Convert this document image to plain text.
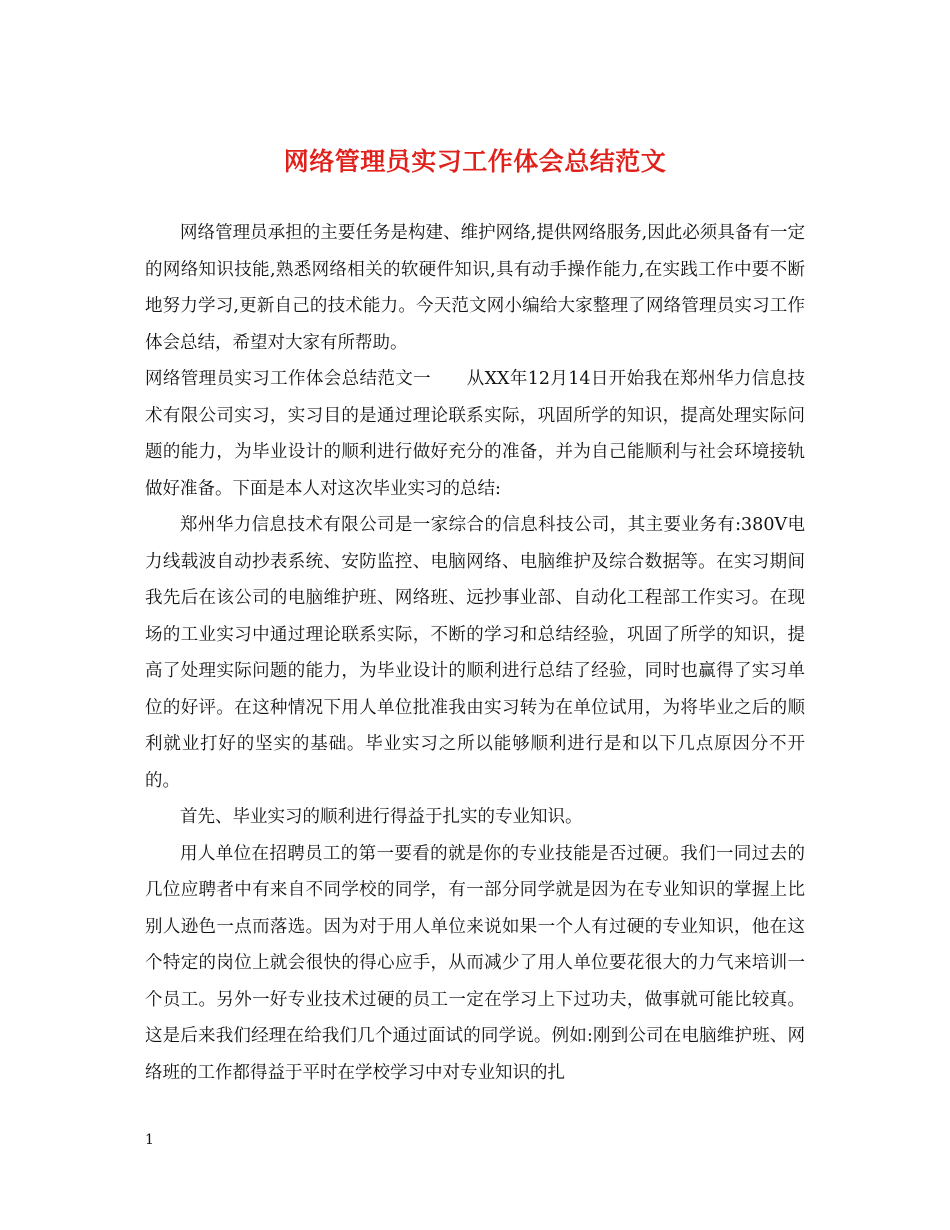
网络管理员实习工作体会总结范文

网络管理员承担的主要任务是构建、维护网络,提供网络服务,因此必须具备有一定的网络知识技能,熟悉网络相关的软硬件知识,具有动手操作能力,在实践工作中要不断地努力学习,更新自己的技术能力。今天范文网小编给大家整理了网络管理员实习工作体会总结，希望对大家有所帮助。

网络管理员实习工作体会总结范文一　　从XX年12月14日开始我在郑州华力信息技术有限公司实习，实习目的是通过理论联系实际，巩固所学的知识，提高处理实际问题的能力，为毕业设计的顺利进行做好充分的准备，并为自己能顺利与社会环境接轨做好准备。下面是本人对这次毕业实习的总结:

郑州华力信息技术有限公司是一家综合的信息科技公司，其主要业务有:380V电力线载波自动抄表系统、安防监控、电脑网络、电脑维护及综合数据等。在实习期间我先后在该公司的电脑维护班、网络班、远抄事业部、自动化工程部工作实习。在现场的工业实习中通过理论联系实际，不断的学习和总结经验，巩固了所学的知识，提高了处理实际问题的能力，为毕业设计的顺利进行总结了经验，同时也赢得了实习单位的好评。在这种情况下用人单位批准我由实习转为在单位试用，为将毕业之后的顺利就业打好的坚实的基础。毕业实习之所以能够顺利进行是和以下几点原因分不开的。

首先、毕业实习的顺利进行得益于扎实的专业知识。

用人单位在招聘员工的第一要看的就是你的专业技能是否过硬。我们一同过去的几位应聘者中有来自不同学校的同学，有一部分同学就是因为在专业知识的掌握上比别人逊色一点而落选。因为对于用人单位来说如果一个人有过硬的专业知识，他在这个特定的岗位上就会很快的得心应手，从而减少了用人单位要花很大的力气来培训一个员工。另外一好专业技术过硬的员工一定在学习上下过功夫，做事就可能比较真。这是后来我们经理在给我们几个通过面试的同学说。例如:刚到公司在电脑维护班、网络班的工作都得益于平时在学校学习中对专业知识的扎

1
